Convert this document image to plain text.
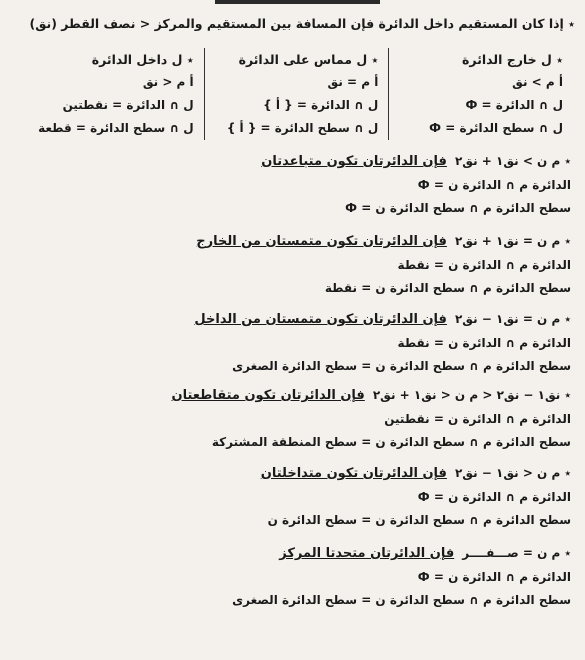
٭ إذا كان المستقيم داخل الدائرة فإن المسافة بين المستقيم والمركز < نصف القطر (نق)
٭ ل خارج الدائرة
أ م > نق
ل ∩ الدائرة = Ф
ل ∩ سطح الدائرة = Ф
٭ ل مماس على الدائرة
أ م = نق
ل ∩ الدائرة = { أ }
ل ∩ سطح الدائرة = { أ }
٭ ل داخل الدائرة
أ م < نق
ل ∩ الدائرة = نقطتين
ل ∩ سطح الدائرة = قطعة
٭ م ن > نق١ + نق٢فإن الدائرتان تكون متباعدتان
الدائرة م ∩ الدائرة ن = Ф
سطح الدائرة م ∩ سطح الدائرة ن = Ф
٭ م ن = نق١ + نق٢فإن الدائرتان تكون متمستان من الخارج
الدائرة م ∩ الدائرة ن = نقطة
سطح الدائرة م ∩ سطح الدائرة ن = نقطة
٭ م ن = نق١ − نق٢فإن الدائرتان تكون متمستان من الداخل
الدائرة م ∩ الدائرة ن = نقطة
سطح الدائرة م ∩ سطح الدائرة ن = سطح الدائرة الصغرى
٭ نق١ − نق٢ < م ن < نق١ + نق٢فإن الدائرتان تكون متقاطعتان
الدائرة م ∩ الدائرة ن = نقطتين
سطح الدائرة م ∩ سطح الدائرة ن = سطح المنطقة المشتركة
٭ م ن < نق١ − نق٢فإن الدائرتان تكون متداخلتان
الدائرة م ∩ الدائرة ن = Ф
سطح الدائرة م ∩ سطح الدائرة ن = سطح الدائرة ن
٭ م ن = صـــفــــرفإن الدائرتان متحدتا المركز
الدائرة م ∩ الدائرة ن = Ф
سطح الدائرة م ∩ سطح الدائرة ن = سطح الدائرة الصغرى
